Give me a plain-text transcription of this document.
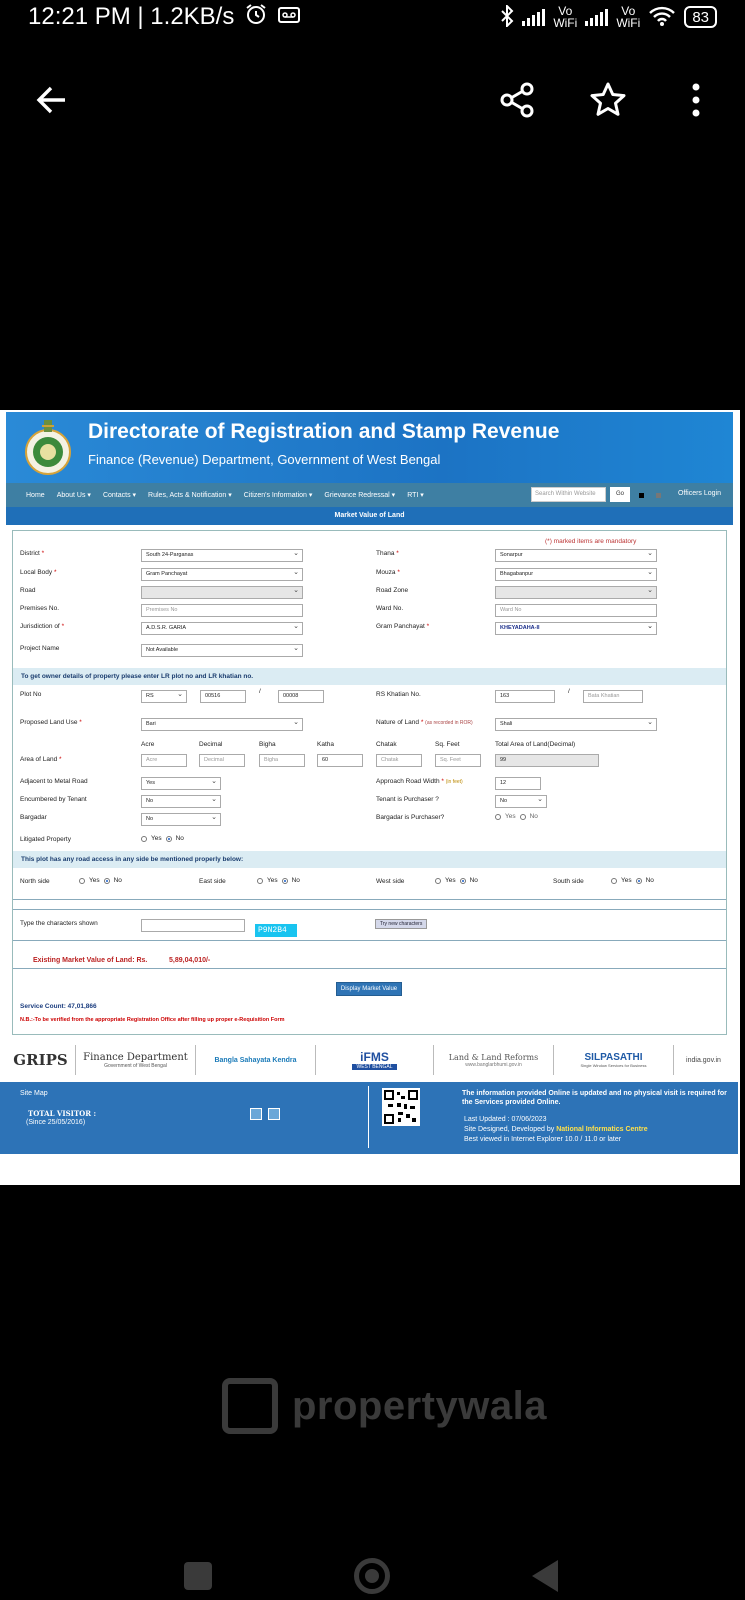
12:21 PM | 1.2KB/s	Vo
WiFi
Vo
WiFi	83
Directorate of Registration and Stamp Revenue
Finance (Revenue) Department, Government of West Bengal
Home About Us ▾ Contacts ▾ Rules, Acts & Notification ▾ Citizen's Information ▾ Grievance Redressal ▾ RTI ▾	Search Within Website	Go	Officers Login
Market Value of Land
(*) marked items are mandatory
District *	South 24-Parganas ⌄	Thana *	Sonarpur ⌄
Local Body *	Gram Panchayat ⌄	Mouza *	Bhagabanpur ⌄
Road
⌄	Road Zone
⌄
Premises No.	Premises No	Ward No.	Ward No
Jurisdiction of *	A.D.S.R. GARIA ⌄	Gram Panchayat *	KHEYADAHA-II ⌄
Project Name	Not Available ⌄
To get owner details of property please enter LR plot no and LR khatian no.
Plot No	RS ⌄	00516
/
00008	RS Khatian No.	163
/
Bata Khatian
Proposed Land Use *	Bari ⌄	Nature of Land * (as recorded in ROR)	Shali ⌄
Acre	Decimal	Bigha	Katha	Chatak	Sq. Feet	Total Area of Land(Decimal)
Area of Land *	Acre	Decimal	Bigha	60	Chatak	Sq. Feet	99
Adjacent to Metal Road	Yes ⌄	Approach Road Width * (in feet)	12
Encumbered by Tenant	No ⌄	Tenant is Purchaser ?	No ⌄
Bargadar	No ⌄	Bargadar is Purchaser?	Yes No
Litigated Property	Yes No
This plot has any road access in any side be mentioned properly below:
North side	Yes No	East side	Yes No	West side	Yes No	South side	Yes No
Type the characters shown
P9N2B4
Try new characters
Existing Market Value of Land: Rs.	5,89,04,010/-
Display Market Value
Service Count: 47,01,866
N.B.:-To be verified from the appropriate Registration Office after filling up proper e-Requisition Form
GRIPS Finance Department
Government of West Bengal
Bangla Sahayata Kendra	iFMS
WEST BENGAL
Land & Land Reforms
www.banglarbhumi.gov.in
SILPASATHI
Single Window Services for Business
india.gov.in
Site Map
TOTAL VISITOR :
(Since 25/05/2016)
The information provided Online is updated and no physical visit is required for the Services provided Online.
Last Updated : 07/06/2023
Site Designed, Developed by National Informatics Centre
Best viewed in Internet Explorer 10.0 / 11.0 or later
propertywala
